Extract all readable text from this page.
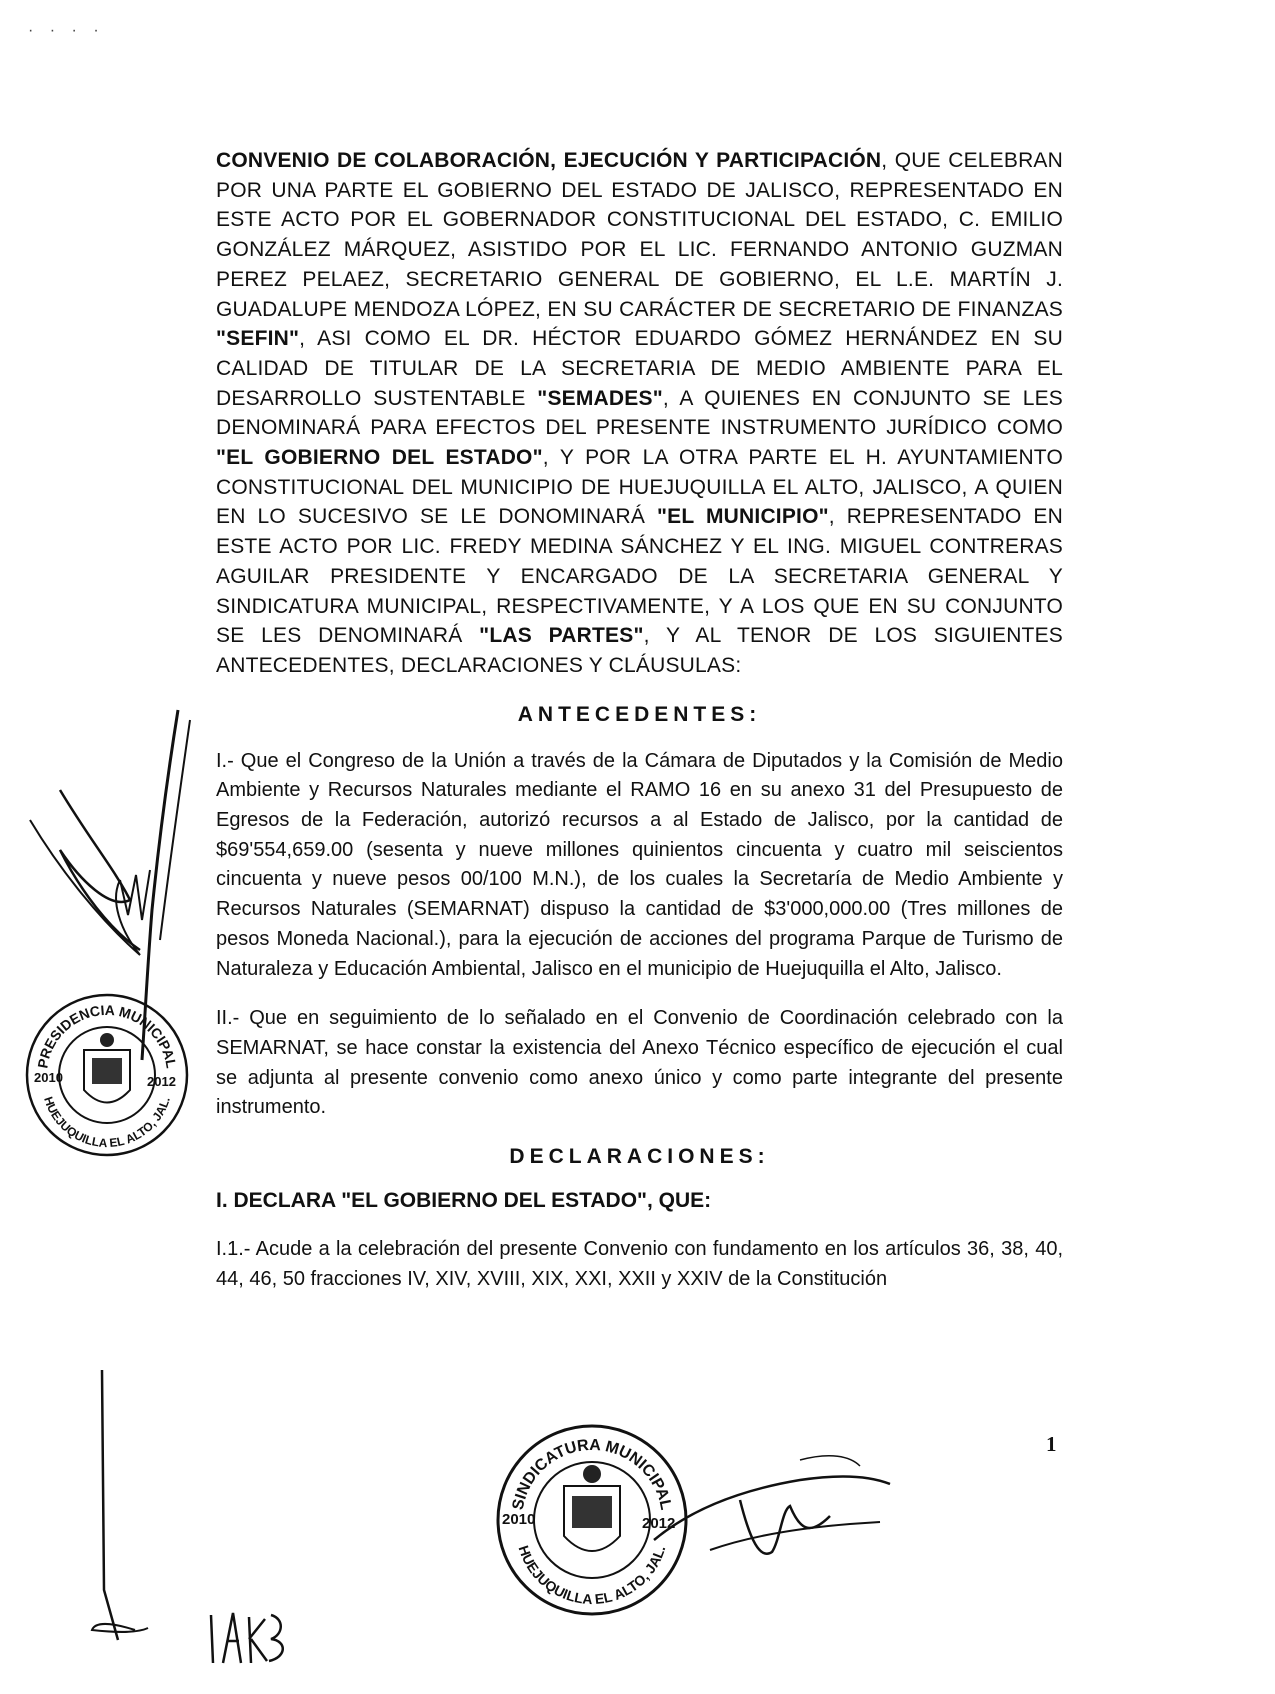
· · · ·

CONVENIO DE COLABORACIÓN, EJECUCIÓN Y PARTICIPACIÓN, QUE CELEBRAN POR UNA PARTE EL GOBIERNO DEL ESTADO DE JALISCO, REPRESENTADO EN ESTE ACTO POR EL GOBERNADOR CONSTITUCIONAL DEL ESTADO, C. EMILIO GONZÁLEZ MÁRQUEZ, ASISTIDO POR EL LIC. FERNANDO ANTONIO GUZMAN PEREZ PELAEZ, SECRETARIO GENERAL DE GOBIERNO, EL L.E. MARTÍN J. GUADALUPE MENDOZA LÓPEZ, EN SU CARÁCTER DE SECRETARIO DE FINANZAS "SEFIN", ASI COMO EL DR. HÉCTOR EDUARDO GÓMEZ HERNÁNDEZ EN SU CALIDAD DE TITULAR DE LA SECRETARIA DE MEDIO AMBIENTE PARA EL DESARROLLO SUSTENTABLE "SEMADES", A QUIENES EN CONJUNTO SE LES DENOMINARÁ PARA EFECTOS DEL PRESENTE INSTRUMENTO JURÍDICO COMO "EL GOBIERNO DEL ESTADO", Y POR LA OTRA PARTE EL H. AYUNTAMIENTO CONSTITUCIONAL DEL MUNICIPIO DE HUEJUQUILLA EL ALTO, JALISCO, A QUIEN EN LO SUCESIVO SE LE DONOMINARÁ "EL MUNICIPIO", REPRESENTADO EN ESTE ACTO POR LIC. FREDY MEDINA SÁNCHEZ Y EL ING. MIGUEL CONTRERAS AGUILAR PRESIDENTE Y ENCARGADO DE LA SECRETARIA GENERAL Y SINDICATURA MUNICIPAL, RESPECTIVAMENTE, Y A LOS QUE EN SU CONJUNTO SE LES DENOMINARÁ "LAS PARTES", Y AL TENOR DE LOS SIGUIENTES ANTECEDENTES, DECLARACIONES Y CLÁUSULAS:

ANTECEDENTES:

I.- Que el Congreso de la Unión a través de la Cámara de Diputados y la Comisión de Medio Ambiente y Recursos Naturales mediante el RAMO 16 en su anexo 31 del Presupuesto de Egresos de la Federación, autorizó recursos a al Estado de Jalisco, por la cantidad de $69'554,659.00 (sesenta y nueve millones quinientos cincuenta y cuatro mil seiscientos cincuenta y nueve pesos 00/100 M.N.), de los cuales la Secretaría de Medio Ambiente y Recursos Naturales (SEMARNAT) dispuso la cantidad de $3'000,000.00 (Tres millones de pesos Moneda Nacional.), para la ejecución de acciones del programa Parque de Turismo de Naturaleza y Educación Ambiental, Jalisco en el municipio de Huejuquilla el Alto, Jalisco.

II.- Que en seguimiento de lo señalado en el Convenio de Coordinación celebrado con la SEMARNAT, se hace constar la existencia del Anexo Técnico específico de ejecución el cual se adjunta al presente convenio como anexo único y como parte integrante del presente instrumento.

DECLARACIONES:
I. DECLARA "EL GOBIERNO DEL ESTADO", QUE:

I.1.- Acude a la celebración del presente Convenio con fundamento en los artículos 36, 38, 40, 44, 46, 50 fracciones IV, XIV, XVIII, XIX, XXI, XXII y XXIV de la Constitución

1
PRESIDENCIA MUNICIPAL
HUEJUQUILLA EL ALTO, JAL.
2010	2012
SINDICATURA MUNICIPAL
HUEJUQUILLA EL ALTO, JAL.
2010	2012
